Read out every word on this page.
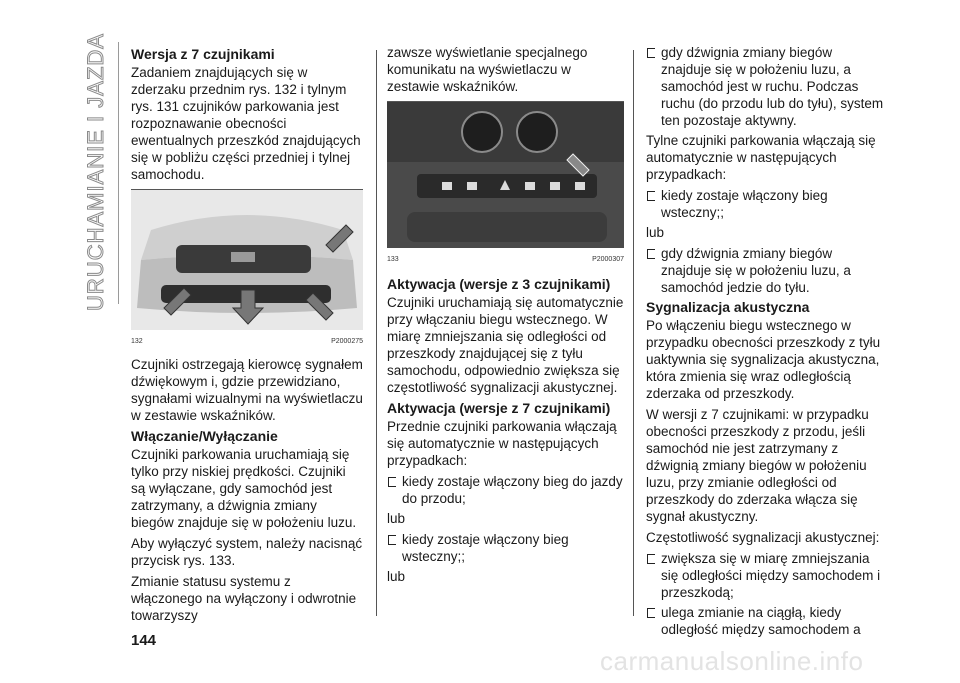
URUCHAMIANIE I JAZDA Wersja z 7 czujnikami

Zadaniem znajdujących się w zderzaku przednim rys. 132 i tylnym rys. 131 czujników parkowania jest rozpoznawanie obecności ewentualnych przeszkód znajdujących się w pobliżu części przedniej i tylnej samochodu.

132	P2000275

Czujniki ostrzegają kierowcę sygnałem dźwiękowym i, gdzie przewidziano, sygnałami wizualnymi na wyświetlaczu w zestawie wskaźników.

Włączanie/Wyłączanie

Czujniki parkowania uruchamiają się tylko przy niskiej prędkości. Czujniki są wyłączane, gdy samochód jest zatrzymany, a dźwignia zmiany biegów znajduje się w położeniu luzu.

Aby wyłączyć system, należy nacisnąć przycisk rys. 133.

Zmianie statusu systemu z włączonego na wyłączony i odwrotnie towarzyszy

zawsze wyświetlanie specjalnego komunikatu na wyświetlaczu w zestawie wskaźników.

133	P2000307
Aktywacja (wersje z 3 czujnikami)

Czujniki uruchamiają się automatycznie przy włączaniu biegu wstecznego. W miarę zmniejszania się odległości od przeszkody znajdującej się z tyłu samochodu, odpowiednio zwiększa się częstotliwość sygnalizacji akustycznej.

Aktywacja (wersje z 7 czujnikami)

Przednie czujniki parkowania włączają się automatycznie w następujących przypadkach:

kiedy zostaje włączony bieg do jazdy do przodu;

lub

kiedy zostaje włączony bieg wsteczny;;

lub

gdy dźwignia zmiany biegów znajduje się w położeniu luzu, a samochód jest w ruchu. Podczas ruchu (do przodu lub do tyłu), system ten pozostaje aktywny.

Tylne czujniki parkowania włączają się automatycznie w następujących przypadkach:

kiedy zostaje włączony bieg wsteczny;;

lub

gdy dźwignia zmiany biegów znajduje się w położeniu luzu, a samochód jedzie do tyłu.
Sygnalizacja akustyczna

Po włączeniu biegu wstecznego w przypadku obecności przeszkody z tyłu uaktywnia się sygnalizacja akustyczna, która zmienia się wraz odległością zderzaka od przeszkody.

W wersji z 7 czujnikami: w przypadku obecności przeszkody z przodu, jeśli samochód nie jest zatrzymany z dźwignią zmiany biegów w położeniu luzu, przy zmianie odległości od przeszkody do zderzaka włącza się sygnał akustyczny.

Częstotliwość sygnalizacji akustycznej:

zwiększa się w miarę zmniejszania się odległości między samochodem i przeszkodą;
ulega zmianie na ciągłą, kiedy odległość między samochodem a
144
carmanualsonline.info
